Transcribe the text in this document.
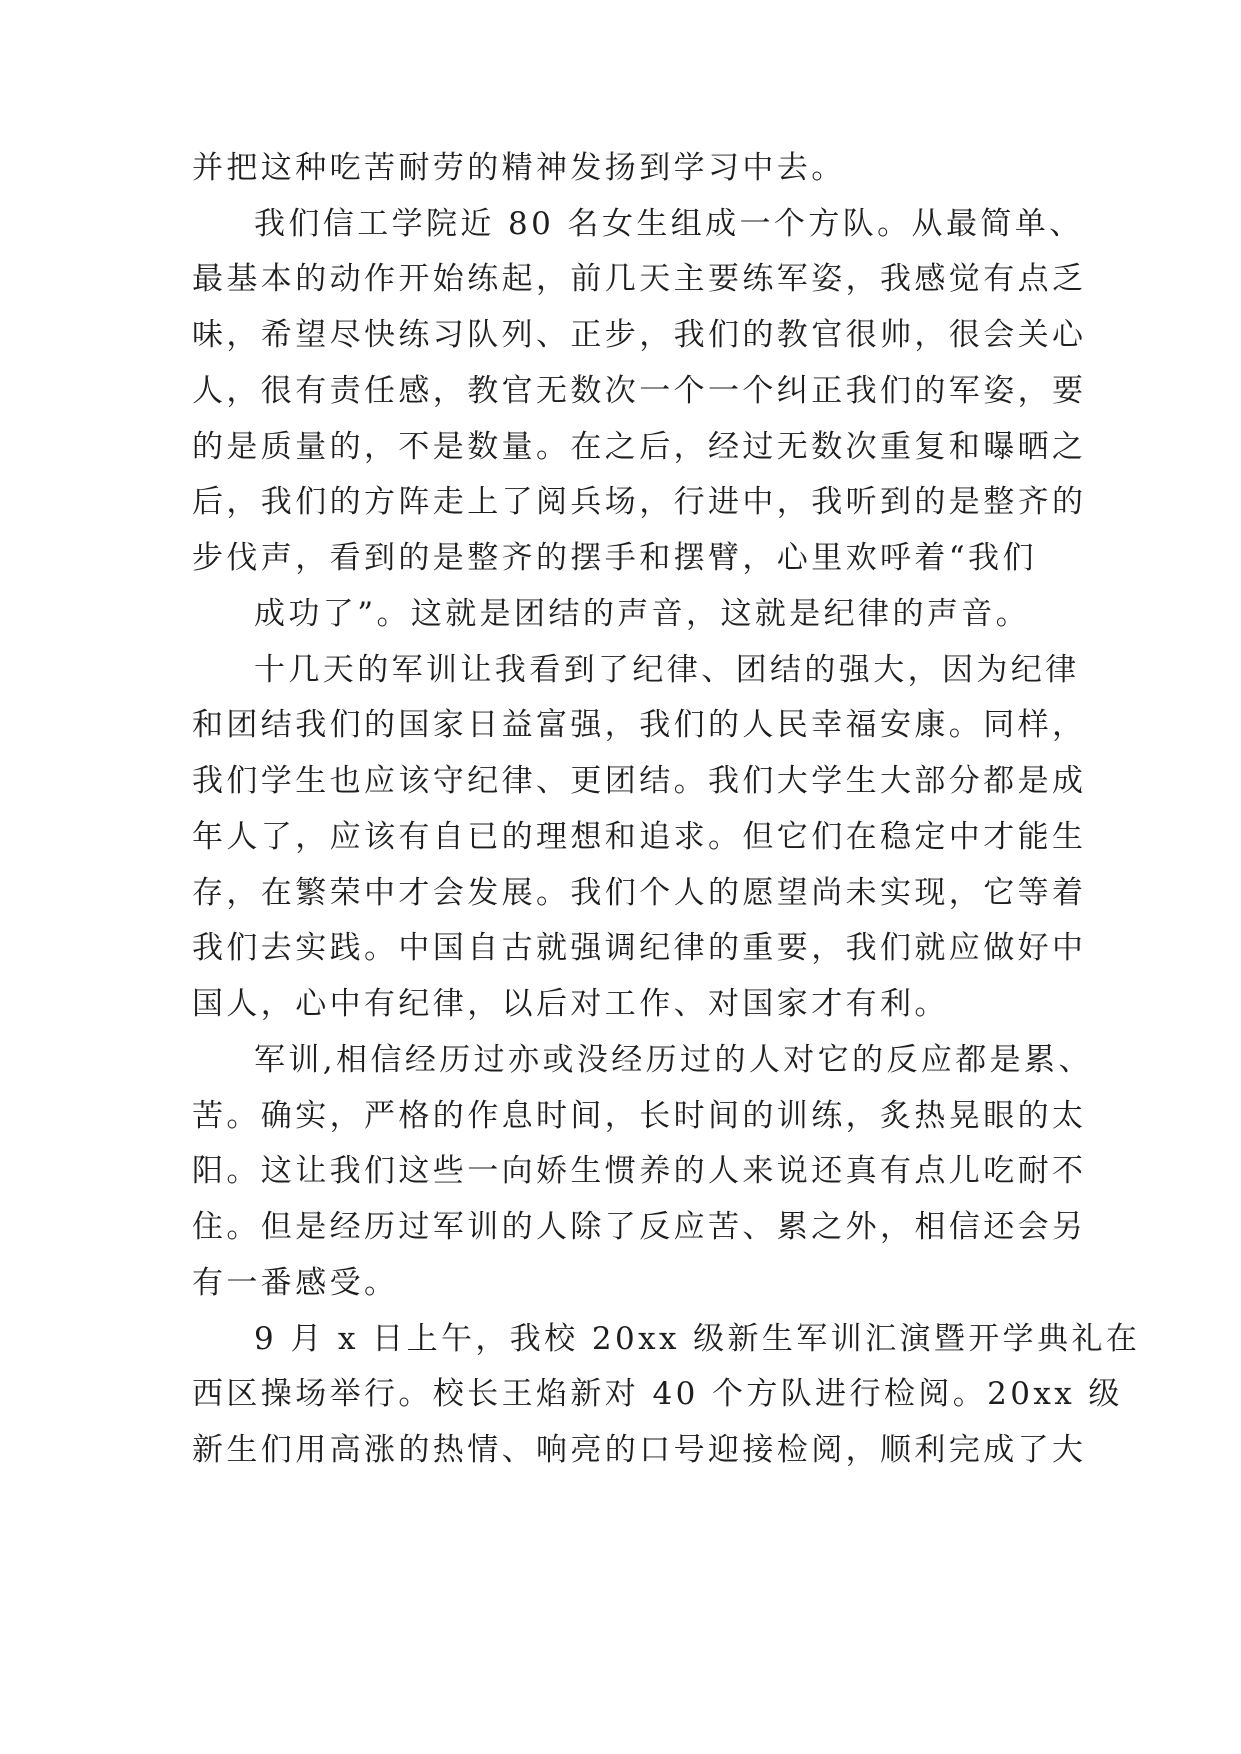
并把这种吃苦耐劳的精神发扬到学习中去。

我们信工学院近 80 名女生组成一个方队。从最简单、

最基本的动作开始练起，前几天主要练军姿，我感觉有点乏

味，希望尽快练习队列、正步，我们的教官很帅，很会关心

人，很有责任感，教官无数次一个一个纠正我们的军姿，要

的是质量的，不是数量。在之后，经过无数次重复和曝晒之

后，我们的方阵走上了阅兵场，行进中，我听到的是整齐的

步伐声，看到的是整齐的摆手和摆臂，心里欢呼着“我们

成功了”。这就是团结的声音，这就是纪律的声音。

十几天的军训让我看到了纪律、团结的强大，因为纪律

和团结我们的国家日益富强，我们的人民幸福安康。同样，

我们学生也应该守纪律、更团结。我们大学生大部分都是成

年人了，应该有自已的理想和追求。但它们在稳定中才能生

存，在繁荣中才会发展。我们个人的愿望尚未实现，它等着

我们去实践。中国自古就强调纪律的重要，我们就应做好中

国人，心中有纪律，以后对工作、对国家才有利。

军训,相信经历过亦或没经历过的人对它的反应都是累、

苦。确实，严格的作息时间，长时间的训练，炙热晃眼的太

阳。这让我们这些一向娇生惯养的人来说还真有点儿吃耐不

住。但是经历过军训的人除了反应苦、累之外，相信还会另

有一番感受。

9 月 x 日上午，我校 20xx 级新生军训汇演暨开学典礼在

西区操场举行。校长王焰新对 40 个方队进行检阅。20xx 级

新生们用高涨的热情、响亮的口号迎接检阅，顺利完成了大
